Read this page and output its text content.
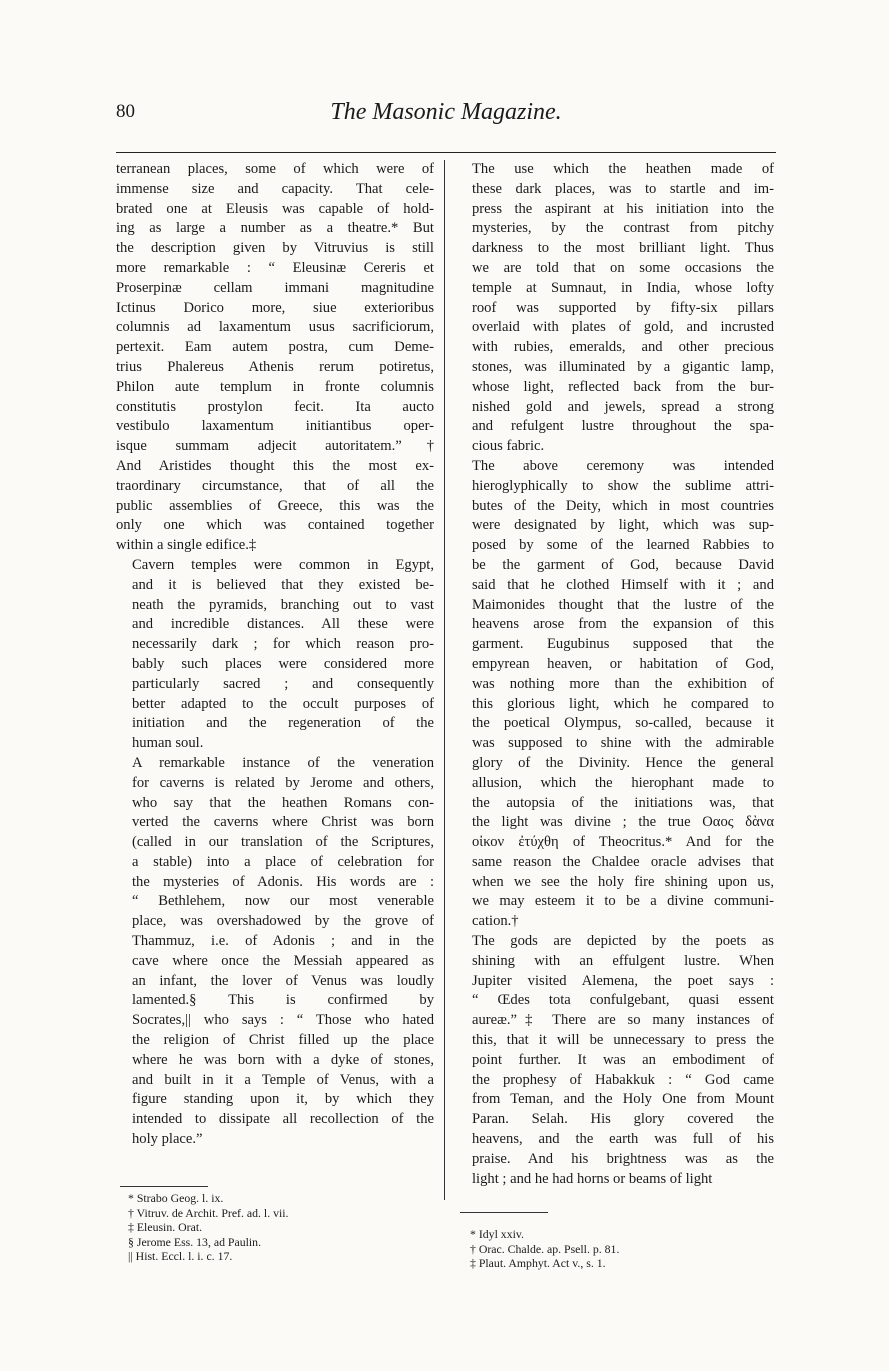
80	The Masonic Magazine.

terranean places, some of which were of
immense size and capacity. That cele-
brated one at Eleusis was capable of hold-
ing as large a number as a theatre.* But
the description given by Vitruvius is still
more remarkable : “ Eleusinæ Cereris et
Proserpinæ cellam immani magnitudine
Ictinus Dorico more, siue exterioribus
columnis ad laxamentum usus sacrificiorum,
pertexit. Eam autem postra, cum Deme-
trius Phalereus Athenis rerum potiretus,
Philon aute templum in fronte columnis
constitutis prostylon fecit. Ita aucto
vestibulo laxamentum initiantibus oper-
isque summam adjecit autoritatem.”†
And Aristides thought this the most ex-
traordinary circumstance, that of all the
public assemblies of Greece, this was the
only one which was contained together
within a single edifice.‡

Cavern temples were common in Egypt,
and it is believed that they existed be-
neath the pyramids, branching out to vast
and incredible distances. All these were
necessarily dark ; for which reason pro-
bably such places were considered more
particularly sacred ; and consequently
better adapted to the occult purposes of
initiation and the regeneration of the
human soul.

A remarkable instance of the veneration
for caverns is related by Jerome and others,
who say that the heathen Romans con-
verted the caverns where Christ was born
(called in our translation of the Scriptures,
a stable) into a place of celebration for
the mysteries of Adonis. His words are :
“ Bethlehem, now our most venerable
place, was overshadowed by the grove of
Thammuz, i.e. of Adonis ; and in the
cave where once the Messiah appeared as
an infant, the lover of Venus was loudly
lamented.§ This is confirmed by
Socrates,|| who says : “ Those who hated
the religion of Christ filled up the place
where he was born with a dyke of stones,
and built in it a Temple of Venus, with a
figure standing upon it, by which they
intended to dissipate all recollection of the
holy place.”

The use which the heathen made of
these dark places, was to startle and im-
press the aspirant at his initiation into the
mysteries, by the contrast from pitchy
darkness to the most brilliant light. Thus
we are told that on some occasions the
temple at Sumnaut, in India, whose lofty
roof was supported by fifty-six pillars
overlaid with plates of gold, and incrusted
with rubies, emeralds, and other precious
stones, was illuminated by a gigantic lamp,
whose light, reflected back from the bur-
nished gold and jewels, spread a strong
and refulgent lustre throughout the spa-
cious fabric.

The above ceremony was intended
hieroglyphically to show the sublime attri-
butes of the Deity, which in most countries
were designated by light, which was sup-
posed by some of the learned Rabbies to
be the garment of God, because David
said that he clothed Himself with it ; and
Maimonides thought that the lustre of the
heavens arose from the expansion of this
garment. Eugubinus supposed that the
empyrean heaven, or habitation of God,
was nothing more than the exhibition of
this glorious light, which he compared to
the poetical Olympus, so-called, because it
was supposed to shine with the admirable
glory of the Divinity. Hence the general
allusion, which the hierophant made to
the autopsia of the initiations was, that
the light was divine ; the true Οαος δὰνα
οἰκον ἐτύχθη of Theocritus.* And for the
same reason the Chaldee oracle advises that
when we see the holy fire shining upon us,
we may esteem it to be a divine communi-
cation.†

The gods are depicted by the poets as
shining with an effulgent lustre. When
Jupiter visited Alemena, the poet says :
“ Œdes tota confulgebant, quasi essent
aureæ.”‡ There are so many instances of
this, that it will be unnecessary to press the
point further. It was an embodiment of
the prophesy of Habakkuk : “ God came
from Teman, and the Holy One from Mount
Paran. Selah. His glory covered the
heavens, and the earth was full of his
praise. And his brightness was as the
light ; and he had horns or beams of light

* Strabo Geog. l. ix.
† Vitruv. de Archit. Pref. ad. l. vii.
‡ Eleusin. Orat.
§ Jerome Ess. 13, ad Paulin.
|| Hist. Eccl. l. i. c. 17.
* Idyl xxiv.
† Orac. Chalde. ap. Psell. p. 81.
‡ Plaut. Amphyt. Act v., s. 1.
